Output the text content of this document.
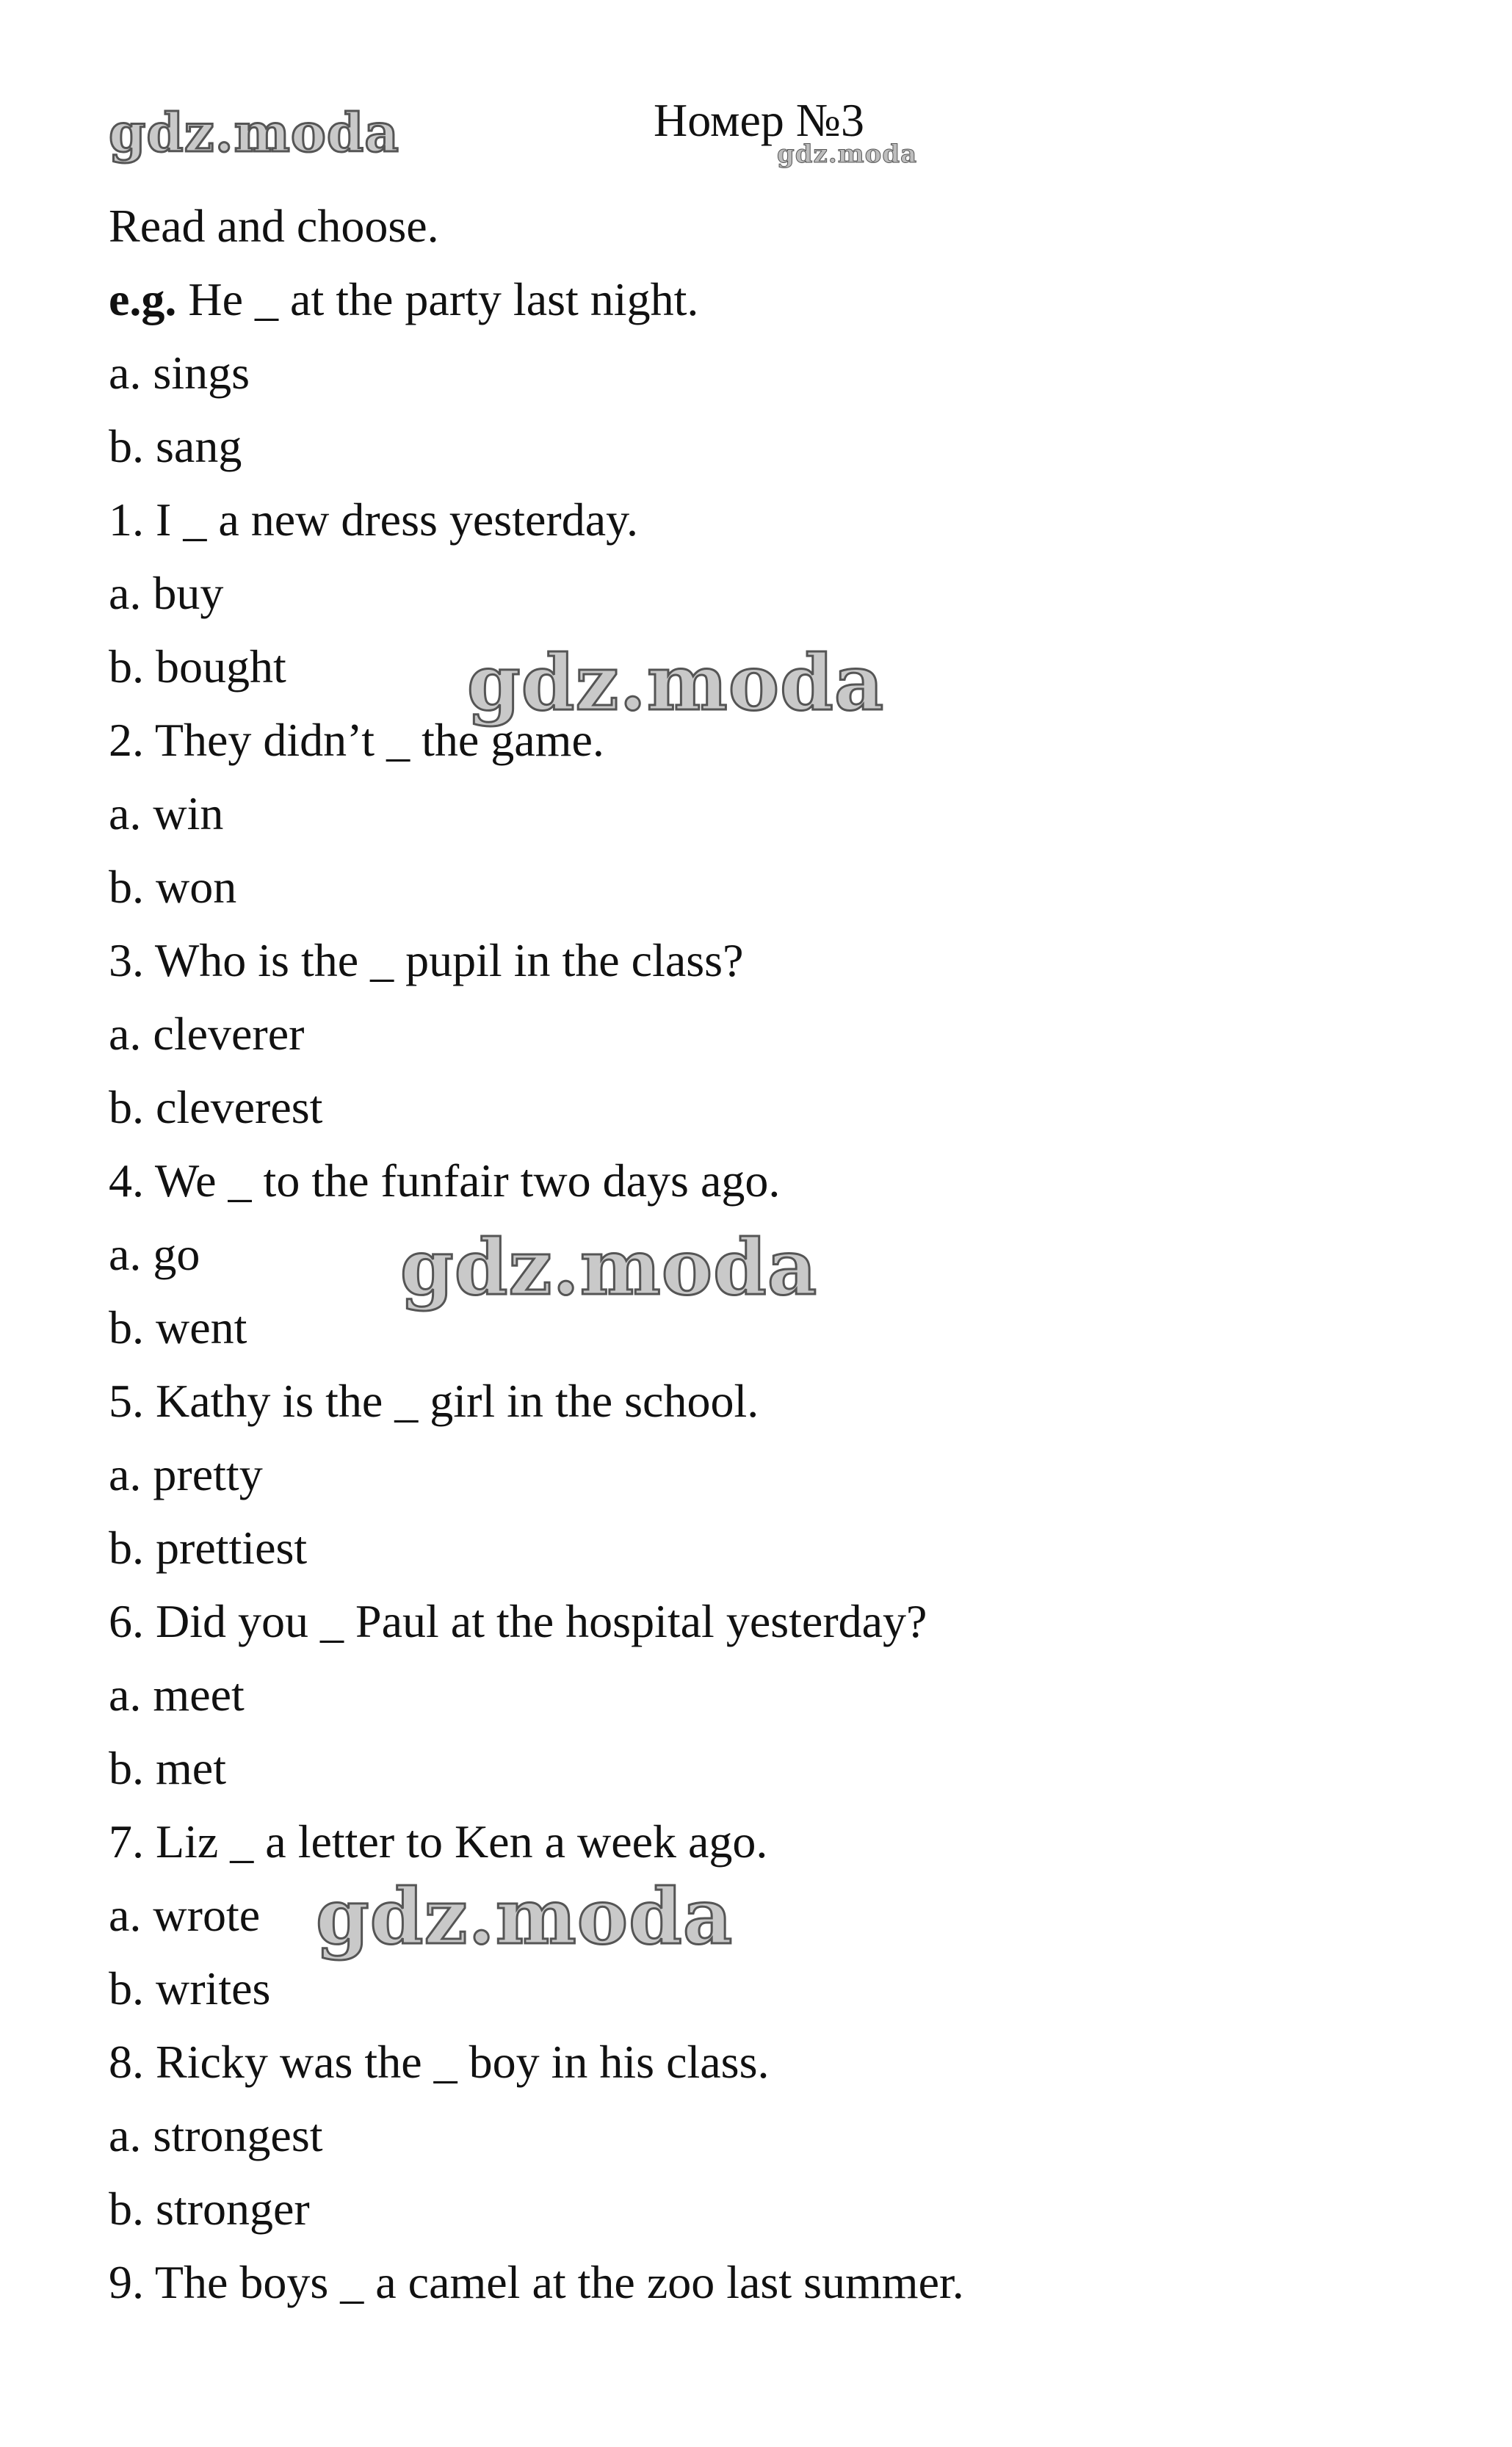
gdz.moda	Номер №3
gdz.moda
Read and choose.
e.g. He _ at the party last night.
a. sings
b. sang
1. I _ a new dress yesterday.
a. buy
b. bought
2. They didn’t _ the game.
a. win
b. won
3. Who is the _ pupil in the class?
a. cleverer
b. cleverest
4. We _ to the funfair two days ago.
a. go
b. went
5. Kathy is the _ girl in the school.
a. pretty
b. prettiest
6. Did you _ Paul at the hospital yesterday?
a. meet
b. met
7. Liz _ a letter to Ken a week ago.
a. wrote
b. writes
8. Ricky was the _ boy in his class.
a. strongest
b. stronger
9. The boys _ a camel at the zoo last summer.
gdz.moda
gdz.moda
gdz.moda
